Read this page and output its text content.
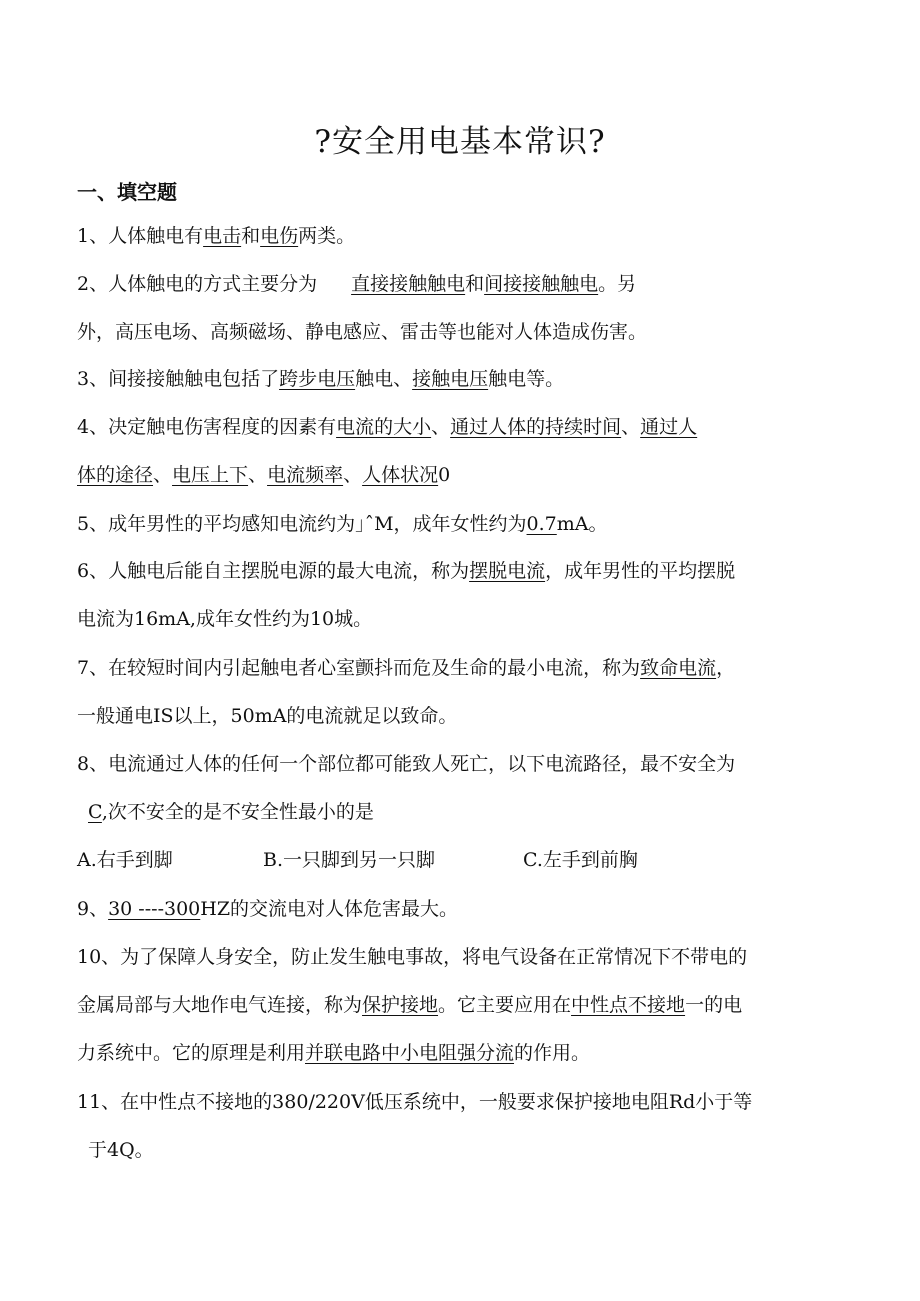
?安全用电基本常识?
一、填空题
1、人体触电有电击和电伤两类。
2、人体触电的方式主要分为 直接接触触电和间接接触触电。另
外，高压电场、高频磁场、静电感应、雷击等也能对人体造成伤害。
3、间接接触触电包括了跨步电压触电、接触电压触电等。
4、决定触电伤害程度的因素有电流的大小、通过人体的持续时间、通过人
体的途径、电压上下、电流频率、人体状况0
5、成年男性的平均感知电流约为｣ˆM，成年女性约为0.7mA。
6、人触电后能自主摆脱电源的最大电流，称为摆脱电流，成年男性的平均摆脱
电流为16mA,成年女性约为10城。
7、在较短时间内引起触电者心室颤抖而危及生命的最小电流，称为致命电流，
一般通电IS以上，50mA的电流就足以致命。
8、电流通过人体的任何一个部位都可能致人死亡，以下电流路径，最不安全为
C,次不安全的是不安全性最小的是
A.右手到脚	B.一只脚到另一只脚	C.左手到前胸
9、30 ----300HZ的交流电对人体危害最大。
10、为了保障人身安全，防止发生触电事故，将电气设备在正常情况下不带电的
金属局部与大地作电气连接，称为保护接地。它主要应用在中性点不接地一的电
力系统中。它的原理是利用并联电路中小电阻强分流的作用。
11、在中性点不接地的380/220V低压系统中，一般要求保护接地电阻Rd小于等
于4Q。
